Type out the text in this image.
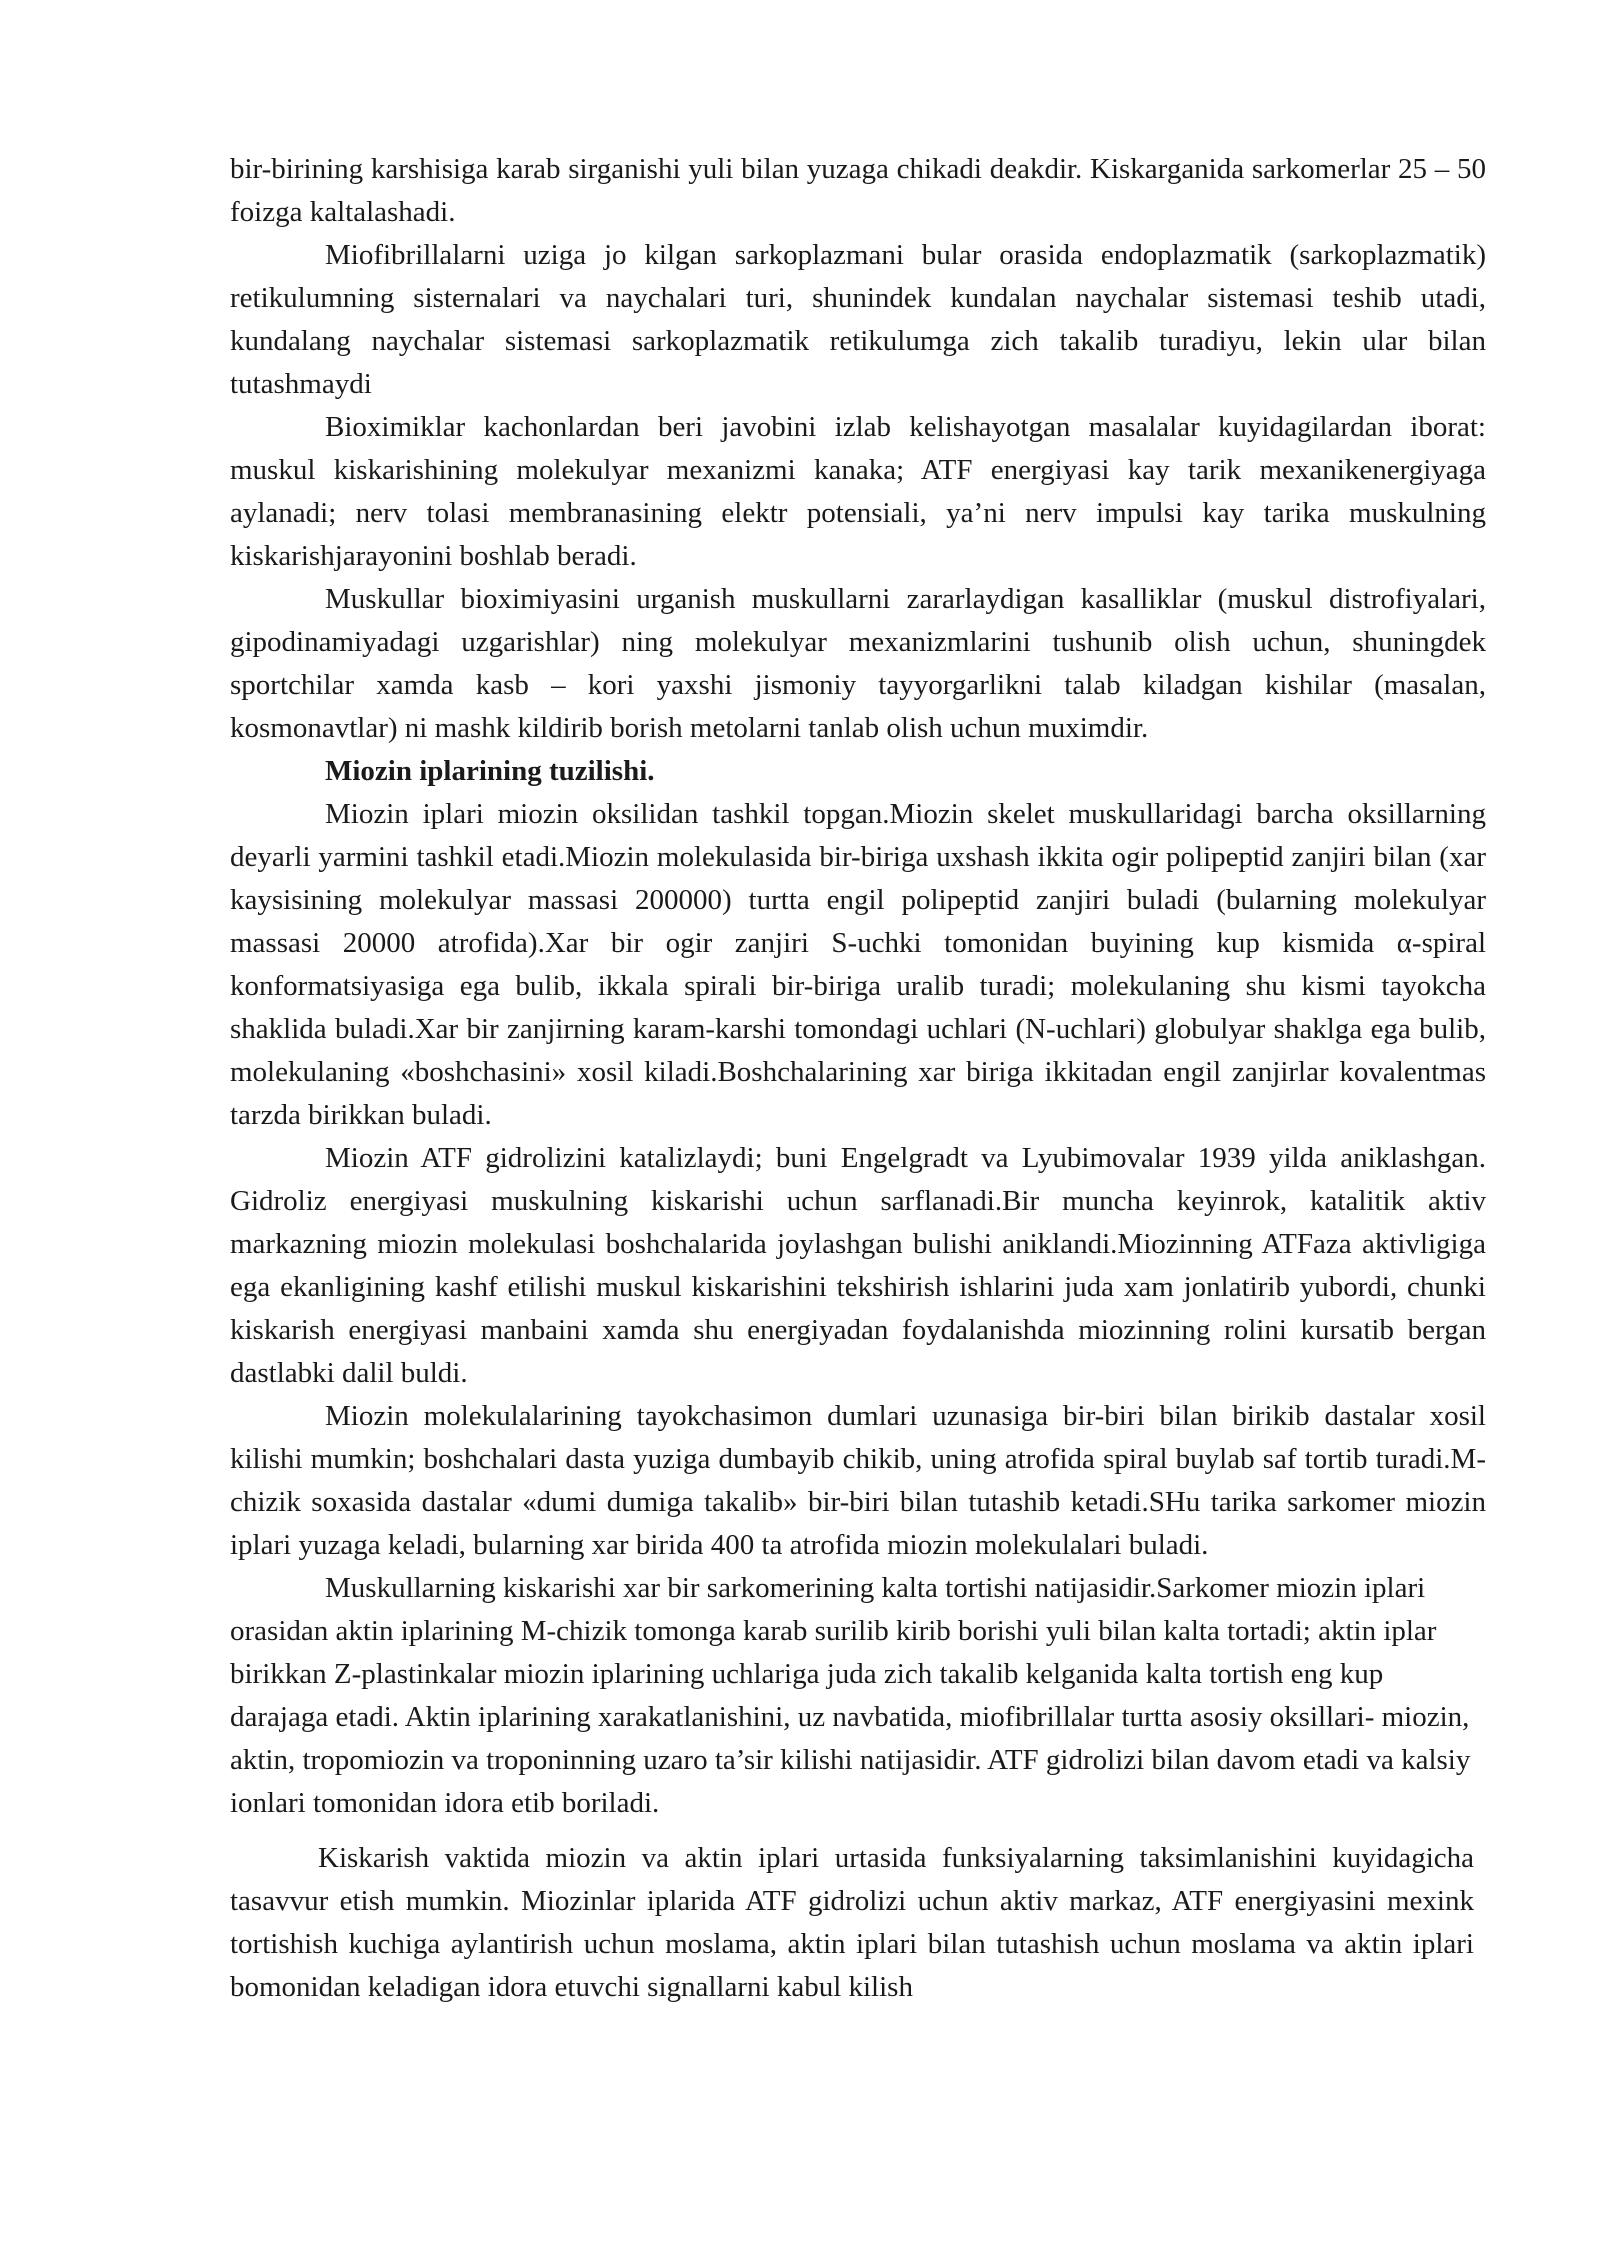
bir-birining karshisiga karab sirganishi yuli bilan yuzaga chikadi deakdir. Kiskarganida sarkomerlar 25 – 50 foizga kaltalashadi.

Miofibrillalarni uziga jo kilgan sarkoplazmani bular orasida endoplazmatik (sarkoplazmatik) retikulumning sisternalari va naychalari turi, shunindek kundalan naychalar sistemasi teshib utadi, kundalang naychalar sistemasi sarkoplazmatik retikulumga zich takalib turadiyu, lekin ular bilan tutashmaydi

Bioximiklar kachonlardan beri javobini izlab kelishayotgan masalalar kuyidagilardan iborat: muskul kiskarishining molekulyar mexanizmi kanaka; ATF energiyasi kay tarik mexanikenergiyaga aylanadi; nerv tolasi membranasining elektr potensiali, ya’ni nerv impulsi kay tarika muskulning kiskarishjarayonini boshlab beradi.

Muskullar bioximiyasini urganish muskullarni zararlaydigan kasalliklar (muskul distrofiyalari, gipodinamiyadagi uzgarishlar) ning molekulyar mexanizmlarini tushunib olish uchun, shuningdek sportchilar xamda kasb – kori yaxshi jismoniy tayyorgarlikni talab kiladgan kishilar (masalan, kosmonavtlar) ni mashk kildirib borish metolarni tanlab olish uchun muximdir.

Miozin iplarining tuzilishi.

Miozin iplari miozin oksilidan tashkil topgan.Miozin skelet muskullaridagi barcha oksillarning deyarli yarmini tashkil etadi.Miozin molekulasida bir-biriga uxshash ikkita ogir polipeptid zanjiri bilan (xar kaysisining molekulyar massasi 200000) turtta engil polipeptid zanjiri buladi (bularning molekulyar massasi 20000 atrofida).Xar bir ogir zanjiri S-uchki tomonidan buyining kup kismida α-spiral konformatsiyasiga ega bulib, ikkala spirali bir-biriga uralib turadi; molekulaning shu kismi tayokcha shaklida buladi.Xar bir zanjirning karam-karshi tomondagi uchlari (N-uchlari) globulyar shaklga ega bulib, molekulaning «boshchasini» xosil kiladi.Boshchalarining xar biriga ikkitadan engil zanjirlar kovalentmas tarzda birikkan buladi.

Miozin ATF gidrolizini katalizlaydi; buni Engelgradt va Lyubimovalar 1939 yilda aniklashgan. Gidroliz energiyasi muskulning kiskarishi uchun sarflanadi.Bir muncha keyinrok, katalitik aktiv markazning miozin molekulasi boshchalarida joylashgan bulishi aniklandi.Miozinning ATFaza aktivligiga ega ekanligining kashf etilishi muskul kiskarishini tekshirish ishlarini juda xam jonlatirib yubordi, chunki kiskarish energiyasi manbaini xamda shu energiyadan foydalanishda miozinning rolini kursatib bergan dastlabki dalil buldi.

Miozin molekulalarining tayokchasimon dumlari uzunasiga bir-biri bilan birikib dastalar xosil kilishi mumkin; boshchalari dasta yuziga dumbayib chikib, uning atrofida spiral buylab saf tortib turadi.M-chizik soxasida dastalar «dumi dumiga takalib» bir-biri bilan tutashib ketadi.SHu tarika sarkomer miozin iplari yuzaga keladi, bularning xar birida 400 ta atrofida miozin molekulalari buladi.

Muskullarning kiskarishi xar bir sarkomerining kalta tortishi natijasidir.Sarkomer miozin iplari orasidan aktin iplarining M-chizik tomonga karab surilib kirib borishi yuli bilan kalta tortadi; aktin iplar birikkan Z-plastinkalar miozin iplarining uchlariga juda zich takalib kelganida kalta tortish eng kup darajaga etadi. Aktin iplarining xarakatlanishini, uz navbatida, miofibrillalar turtta asosiy oksillari- miozin, aktin, tropomiozin va troponinning uzaro ta’sir kilishi natijasidir. ATF gidrolizi bilan davom etadi va kalsiy ionlari tomonidan idora etib boriladi.

Kiskarish vaktida miozin va aktin iplari urtasida funksiyalarning taksimlanishini kuyidagicha tasavvur etish mumkin. Miozinlar iplarida ATF gidrolizi uchun aktiv markaz, ATF energiyasini mexink tortishish kuchiga aylantirish uchun moslama, aktin iplari bilan tutashish uchun moslama va aktin iplari bomonidan keladigan idora etuvchi signallarni kabul kilish
